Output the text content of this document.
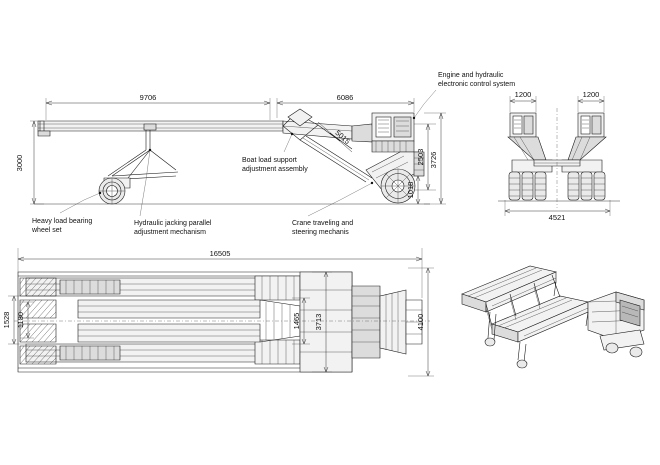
9706	6086
3000
5015
2503 3726
1018
Engine and hydraulic
electronic control system
Boat load support
adjustment assembly
Heavy load bearing
wheel set
Hydraulic jacking parallel
adjustment mechanism
Crane traveling and
steering mechanis
1200	1200
4521
16505
1528 1180	1465 3713	4100
